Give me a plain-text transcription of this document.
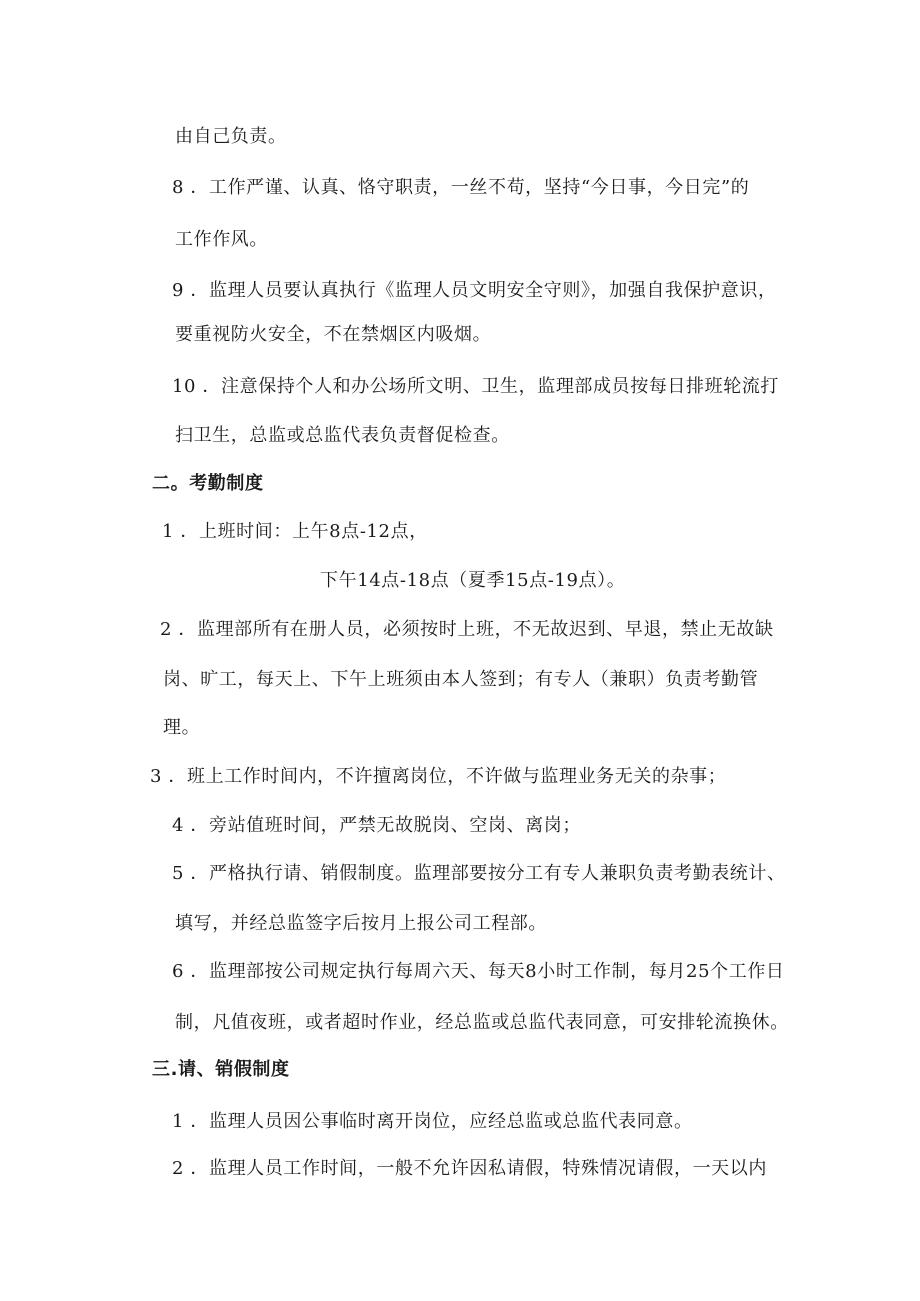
由自己负责。
8 ．工作严谨、认真、恪守职责，一丝不苟，坚持“今日事，今日完”的
工作作风。
9 ．监理人员要认真执行《监理人员文明安全守则》，加强自我保护意识，
要重视防火安全，不在禁烟区内吸烟。
10 ．注意保持个人和办公场所文明、卫生，监理部成员按每日排班轮流打
扫卫生，总监或总监代表负责督促检查。
二。考勤制度
1 ．上班时间：上午8点-12点，
下午14点-18点（夏季15点-19点）。
2 ．监理部所有在册人员，必须按时上班，不无故迟到、早退，禁止无故缺
岗、旷工，每天上、下午上班须由本人签到；有专人（兼职）负责考勤管
理。
3 ．班上工作时间内，不许擅离岗位，不许做与监理业务无关的杂事；
4 ．旁站值班时间，严禁无故脱岗、空岗、离岗；
5 ．严格执行请、销假制度。监理部要按分工有专人兼职负责考勤表统计、
填写，并经总监签字后按月上报公司工程部。
6 ．监理部按公司规定执行每周六天、每天8小时工作制，每月25个工作日
制，凡值夜班，或者超时作业，经总监或总监代表同意，可安排轮流换休。
三.请、销假制度
1 ．监理人员因公事临时离开岗位，应经总监或总监代表同意。
2 ．监理人员工作时间，一般不允许因私请假，特殊情况请假，一天以内
